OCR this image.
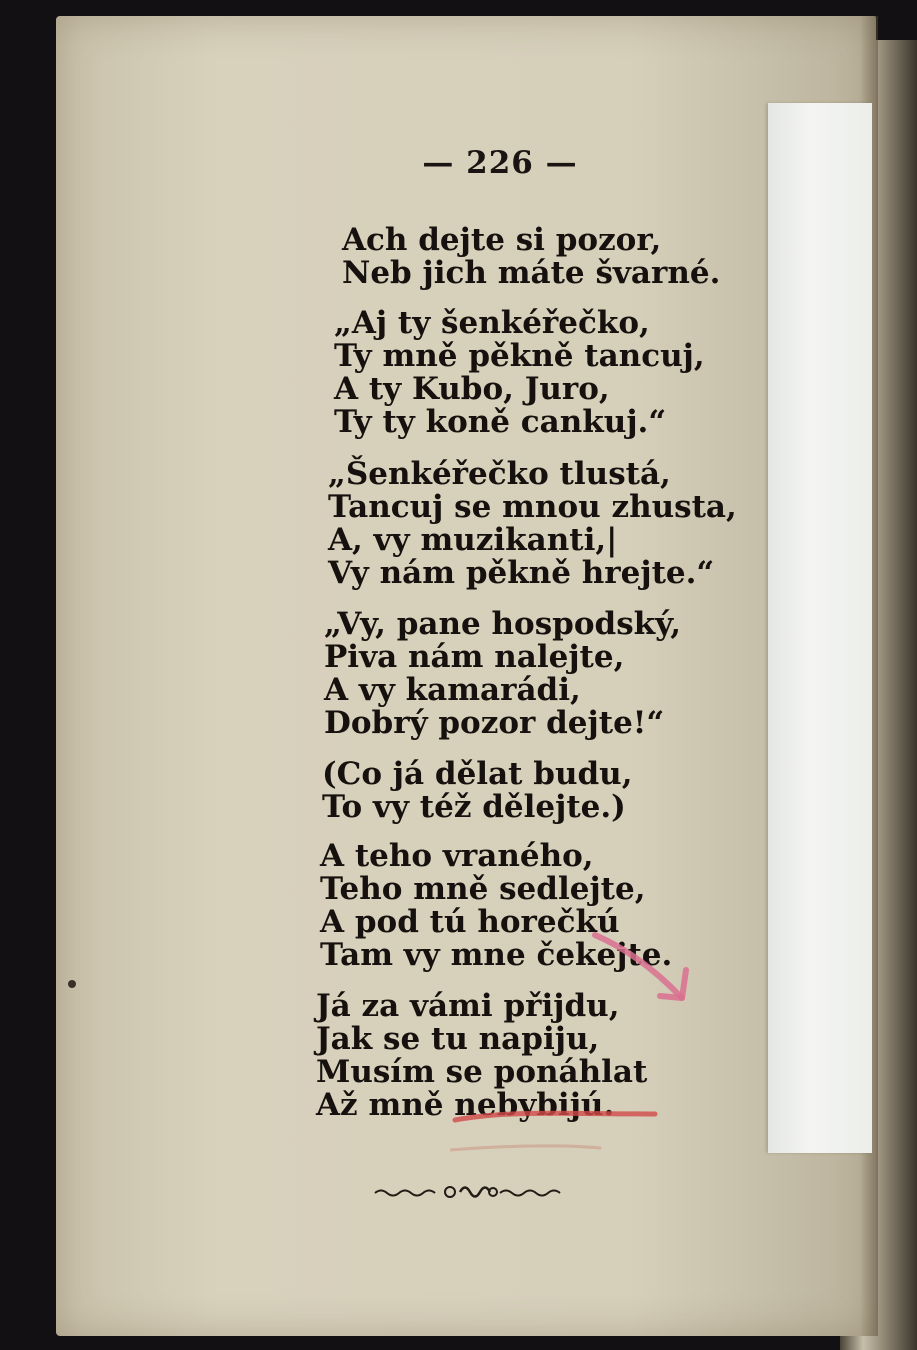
— 226 —
Ach dejte si pozor,
Neb jich máte švarné.
„Aj ty šenkéřečko,
Ty mně pěkně tancuj,
A ty Kubo, Juro,
Ty ty koně cankuj.“
„Šenkéřečko tlustá,
Tancuj se mnou zhusta,
A, vy muzikanti,|
Vy nám pěkně hrejte.“
„Vy, pane hospodský,
Piva nám nalejte,
A vy kamarádi,
Dobrý pozor dejte!“
(Co já dělat budu,
To vy též dělejte.)
A teho vraného,
Teho mně sedlejte,
A pod tú horečkú
Tam vy mne čekejte.
Já za vámi přijdu,
Jak se tu napiju,
Musím se ponáhlat
Až mně nebybijú.
